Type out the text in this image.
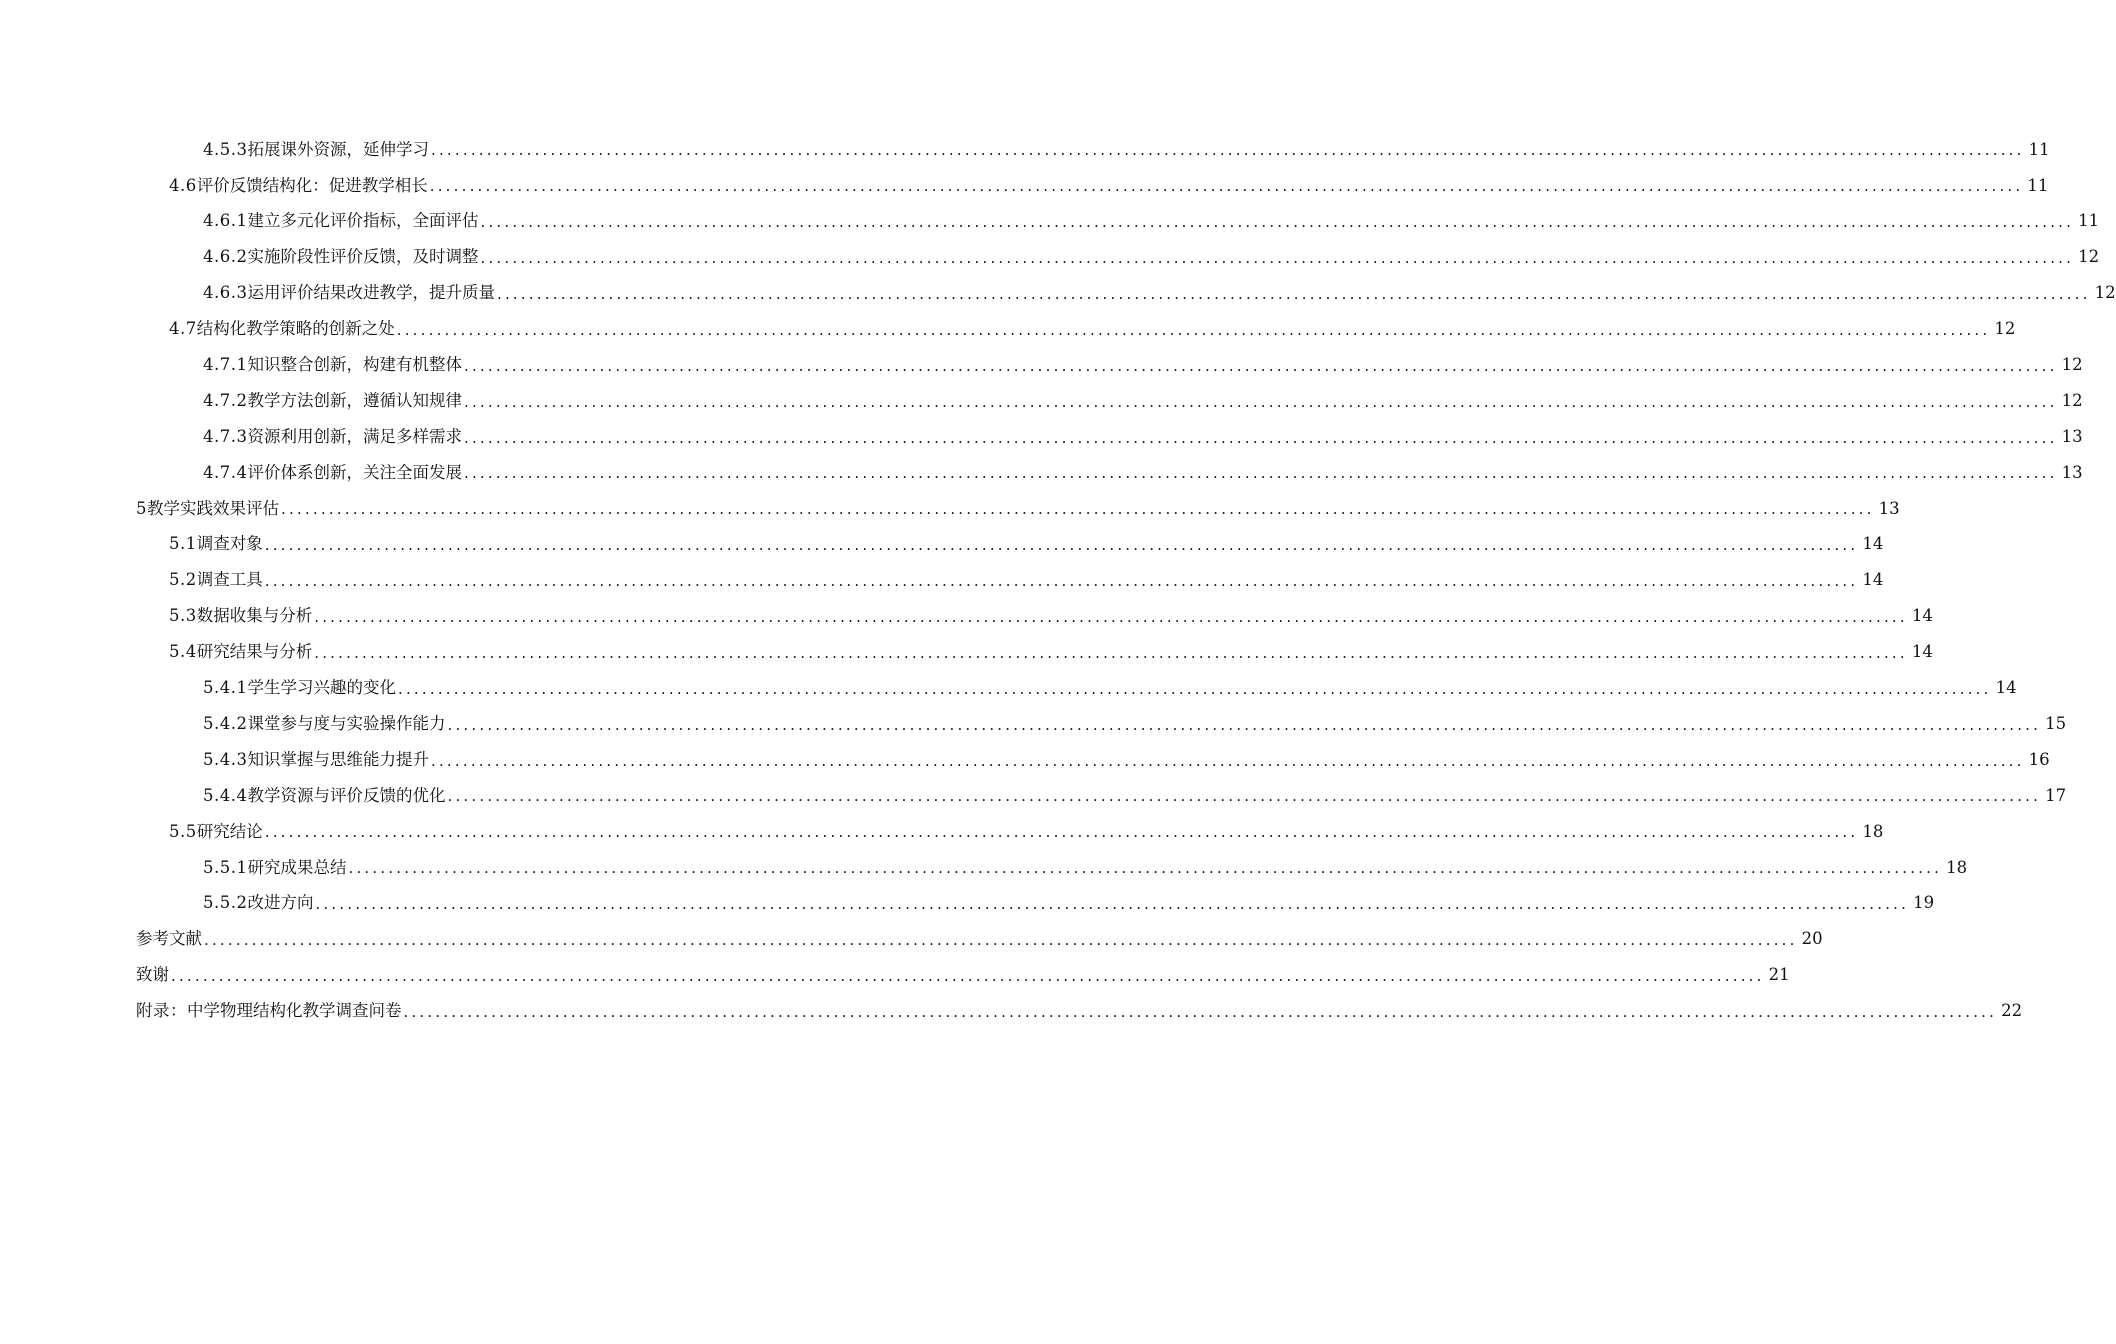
4.5.3 拓展课外资源，延伸学习 ........................................................................................................................................................................................................ 11
4.6 评价反馈结构化：促进教学相长 ........................................................................................................................................................................................................ 11
4.6.1 建立多元化评价指标，全面评估 ........................................................................................................................................................................................................ 11
4.6.2 实施阶段性评价反馈，及时调整 ........................................................................................................................................................................................................ 12
4.6.3 运用评价结果改进教学，提升质量 ........................................................................................................................................................................................................ 12
4.7 结构化教学策略的创新之处 ........................................................................................................................................................................................................ 12
4.7.1 知识整合创新，构建有机整体 ........................................................................................................................................................................................................ 12
4.7.2 教学方法创新，遵循认知规律 ........................................................................................................................................................................................................ 12
4.7.3 资源利用创新，满足多样需求 ........................................................................................................................................................................................................ 13
4.7.4 评价体系创新，关注全面发展 ........................................................................................................................................................................................................ 13
5 教学实践效果评估 ........................................................................................................................................................................................................ 13
5.1 调查对象 ........................................................................................................................................................................................................ 14
5.2 调查工具 ........................................................................................................................................................................................................ 14
5.3 数据收集与分析 ........................................................................................................................................................................................................ 14
5.4 研究结果与分析 ........................................................................................................................................................................................................ 14
5.4.1 学生学习兴趣的变化 ........................................................................................................................................................................................................ 14
5.4.2 课堂参与度与实验操作能力 ........................................................................................................................................................................................................ 15
5.4.3 知识掌握与思维能力提升 ........................................................................................................................................................................................................ 16
5.4.4 教学资源与评价反馈的优化 ........................................................................................................................................................................................................ 17
5.5 研究结论 ........................................................................................................................................................................................................ 18
5.5.1 研究成果总结 ........................................................................................................................................................................................................ 18
5.5.2 改进方向 ........................................................................................................................................................................................................ 19
参考文献 ........................................................................................................................................................................................................ 20
致谢 ........................................................................................................................................................................................................ 21
附录： 中学物理结构化教学调查问卷 ........................................................................................................................................................................................................ 22
